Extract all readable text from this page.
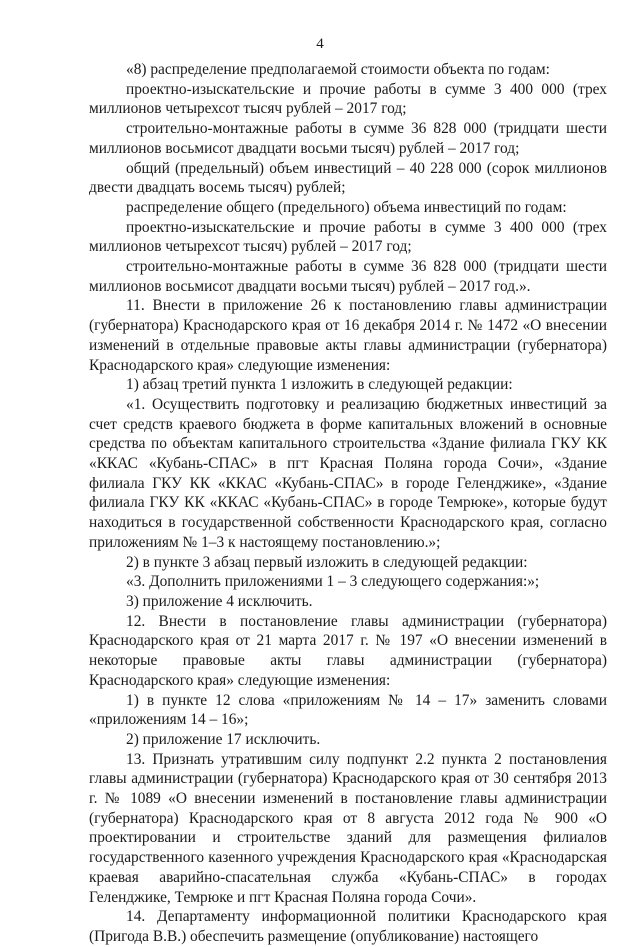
4

«8) распределение предполагаемой стоимости объекта по годам:

проектно-изыскательские и прочие работы в сумме 3 400 000 (трех миллионов четырехсот тысяч рублей – 2017 год;

строительно-монтажные работы в сумме 36 828 000 (тридцати шести миллионов восьмисот двадцати восьми тысяч) рублей – 2017 год;

общий (предельный) объем инвестиций – 40 228 000 (сорок миллионов двести двадцать восемь тысяч) рублей;

распределение общего (предельного) объема инвестиций по годам:

проектно-изыскательские и прочие работы в сумме 3 400 000 (трех миллионов четырехсот тысяч) рублей – 2017 год;

строительно-монтажные работы в сумме 36 828 000 (тридцати шести миллионов восьмисот двадцати восьми тысяч) рублей – 2017 год.».

11. Внести в приложение 26 к постановлению главы администрации (губернатора) Краснодарского края от 16 декабря 2014 г. № 1472 «О внесении изменений в отдельные правовые акты главы администрации (губернатора) Краснодарского края» следующие изменения:

1) абзац третий пункта 1 изложить в следующей редакции:

«1. Осуществить подготовку и реализацию бюджетных инвестиций за счет средств краевого бюджета в форме капитальных вложений в основные средства по объектам капитального строительства «Здание филиала ГКУ КК «ККАС «Кубань-СПАС» в пгт Красная Поляна города Сочи», «Здание филиала ГКУ КК «ККАС «Кубань-СПАС» в городе Геленджике», «Здание филиала ГКУ КК «ККАС «Кубань-СПАС» в городе Темрюке», которые будут находиться в государственной собственности Краснодарского края, согласно приложениям № 1–3 к настоящему постановлению.»;

2) в пункте 3 абзац первый изложить в следующей редакции:

«3. Дополнить приложениями 1 – 3 следующего содержания:»;

3) приложение 4 исключить.

12. Внести в постановление главы администрации (губернатора) Краснодарского края от 21 марта 2017 г. № 197 «О внесении изменений в некоторые правовые акты главы администрации (губернатора) Краснодарского края» следующие изменения:

1) в пункте 12 слова «приложениям № 14 – 17» заменить словами «приложениям 14 – 16»;

2) приложение 17 исключить.

13. Признать утратившим силу подпункт 2.2 пункта 2 постановления главы администрации (губернатора) Краснодарского края от 30 сентября 2013 г. № 1089 «О внесении изменений в постановление главы администрации (губернатора) Краснодарского края от 8 августа 2012 года № 900 «О проектировании и строительстве зданий для размещения филиалов государственного казенного учреждения Краснодарского края «Краснодарская краевая аварийно-спасательная служба «Кубань-СПАС» в городах Геленджике, Темрюке и пгт Красная Поляна города Сочи».

14. Департаменту информационной политики Краснодарского края (Пригода В.В.) обеспечить размещение (опубликование) настоящего
